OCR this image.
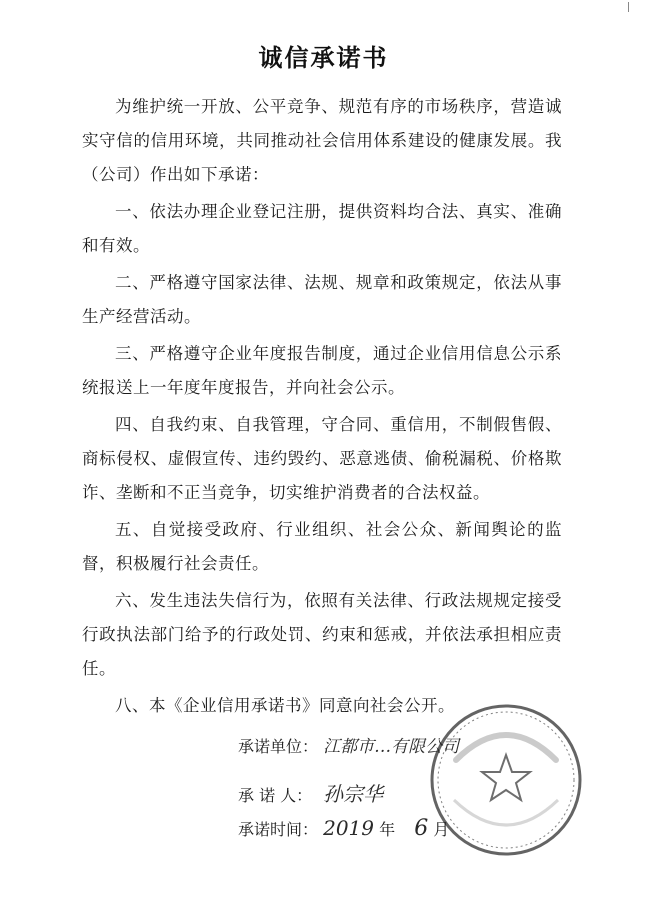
诚信承诺书

为维护统一开放、公平竞争、规范有序的市场秩序，营造诚实守信的信用环境，共同推动社会信用体系建设的健康发展。我（公司）作出如下承诺：

一、依法办理企业登记注册，提供资料均合法、真实、准确和有效。

二、严格遵守国家法律、法规、规章和政策规定，依法从事生产经营活动。

三、严格遵守企业年度报告制度，通过企业信用信息公示系统报送上一年度年度报告，并向社会公示。

四、自我约束、自我管理，守合同、重信用，不制假售假、商标侵权、虚假宣传、违约毁约、恶意逃债、偷税漏税、价格欺诈、垄断和不正当竞争，切实维护消费者的合法权益。

五、自觉接受政府、行业组织、社会公众、新闻舆论的监督，积极履行社会责任。

六、发生违法失信行为，依照有关法律、行政法规规定接受行政执法部门给予的行政处罚、约束和惩戒，并依法承担相应责任。

八、本《企业信用承诺书》同意向社会公开。

承诺单位： 江都市…有限公司
承 诺 人： 孙宗华
承诺时间： 2019 年 6 月
